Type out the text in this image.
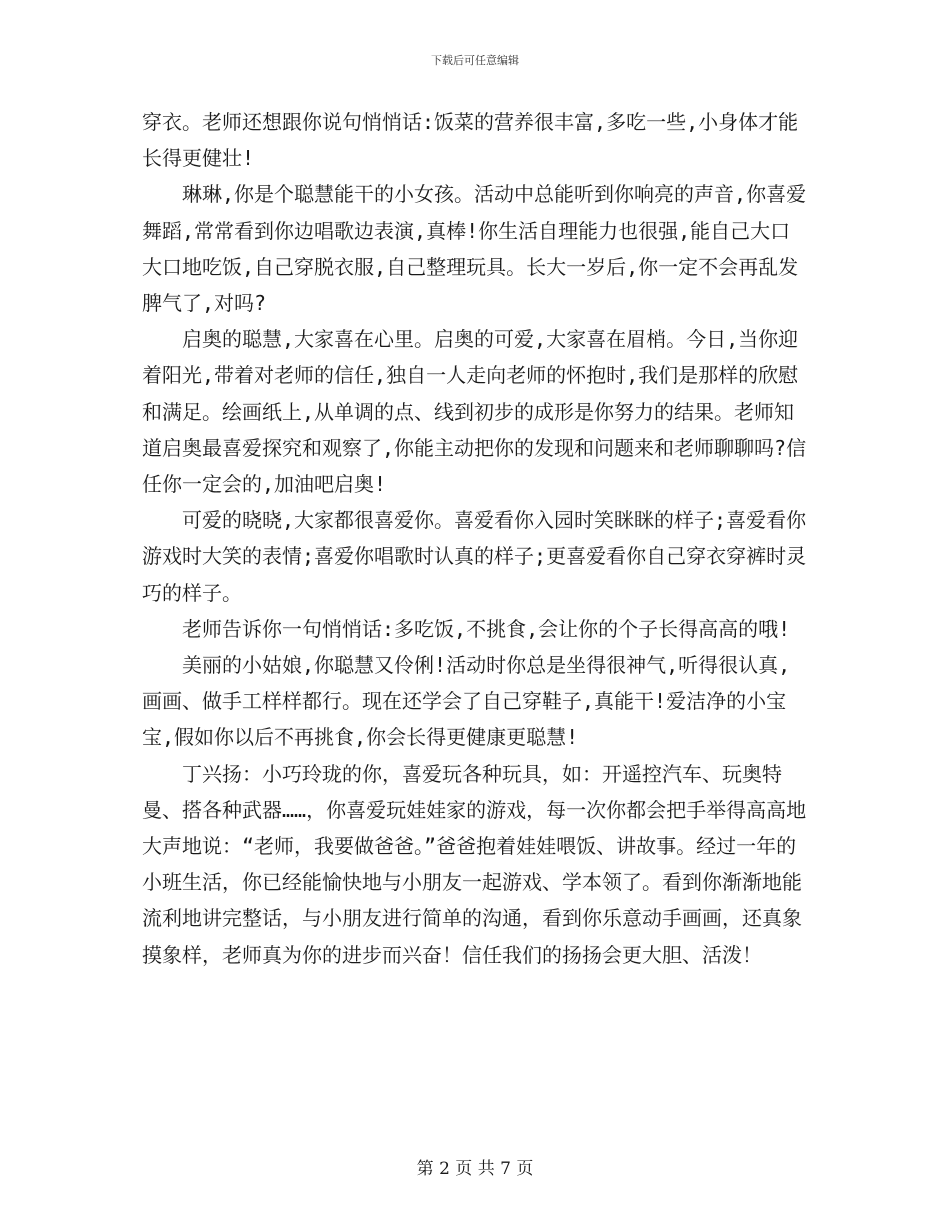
下载后可任意编辑

穿衣。老师还想跟你说句悄悄话:饭菜的营养很丰富,多吃一些,小身体才能长得更健壮!

琳琳,你是个聪慧能干的小女孩。活动中总能听到你响亮的声音,你喜爱舞蹈,常常看到你边唱歌边表演,真棒!你生活自理能力也很强,能自己大口大口地吃饭,自己穿脱衣服,自己整理玩具。长大一岁后,你一定不会再乱发脾气了,对吗?

启奥的聪慧,大家喜在心里。启奥的可爱,大家喜在眉梢。今日,当你迎着阳光,带着对老师的信任,独自一人走向老师的怀抱时,我们是那样的欣慰和满足。绘画纸上,从单调的点、线到初步的成形是你努力的结果。老师知道启奥最喜爱探究和观察了,你能主动把你的发现和问题来和老师聊聊吗?信任你一定会的,加油吧启奥!

可爱的晓晓,大家都很喜爱你。喜爱看你入园时笑眯眯的样子;喜爱看你游戏时大笑的表情;喜爱你唱歌时认真的样子;更喜爱看你自己穿衣穿裤时灵巧的样子。

老师告诉你一句悄悄话:多吃饭,不挑食,会让你的个子长得高高的哦!

美丽的小姑娘,你聪慧又伶俐!活动时你总是坐得很神气,听得很认真,画画、做手工样样都行。现在还学会了自己穿鞋子,真能干!爱洁净的小宝宝,假如你以后不再挑食,你会长得更健康更聪慧!

丁兴扬：小巧玲珑的你，喜爱玩各种玩具，如：开遥控汽车、玩奥特曼、搭各种武器……，你喜爱玩娃娃家的游戏，每一次你都会把手举得高高地大声地说：“老师，我要做爸爸。”爸爸抱着娃娃喂饭、讲故事。经过一年的小班生活，你已经能愉快地与小朋友一起游戏、学本领了。看到你渐渐地能流利地讲完整话，与小朋友进行简单的沟通，看到你乐意动手画画，还真象摸象样，老师真为你的进步而兴奋！信任我们的扬扬会更大胆、活泼！

第 2 页 共 7 页
